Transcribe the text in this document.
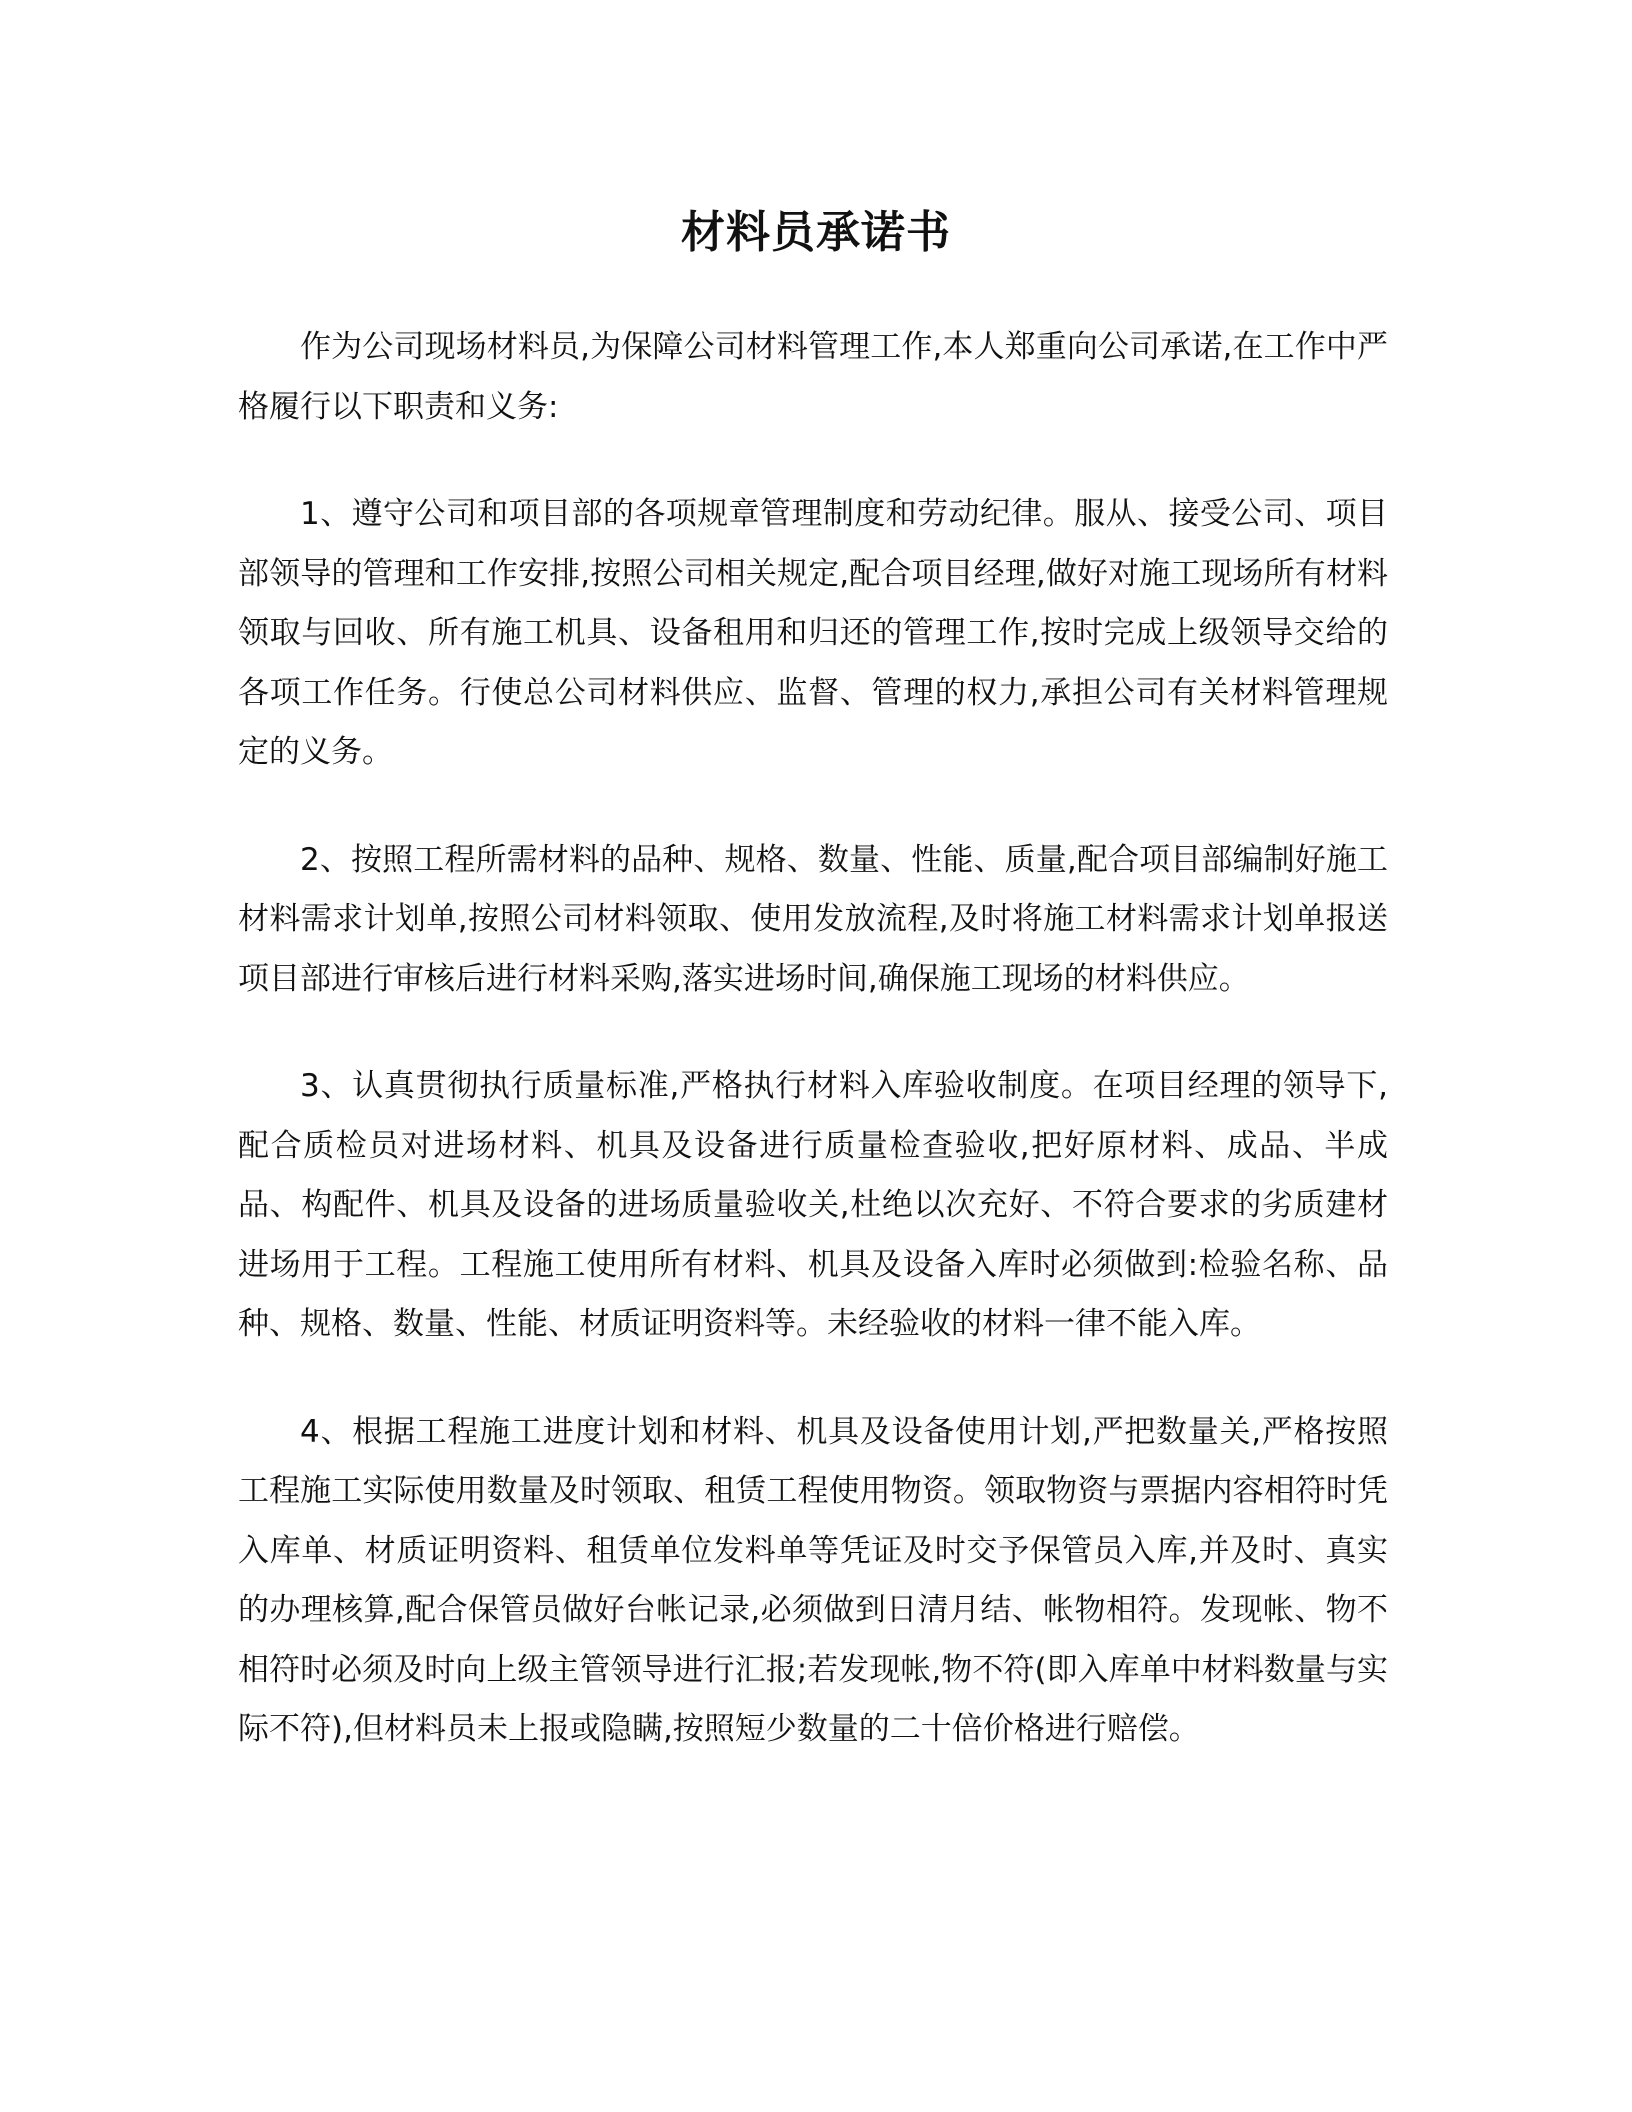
材料员承诺书

作为公司现场材料员,为保障公司材料管理工作,本人郑重向公司承诺,在工作中严格履行以下职责和义务:

1、遵守公司和项目部的各项规章管理制度和劳动纪律。服从、接受公司、项目部领导的管理和工作安排,按照公司相关规定,配合项目经理,做好对施工现场所有材料领取与回收、所有施工机具、设备租用和归还的管理工作,按时完成上级领导交给的各项工作任务。行使总公司材料供应、监督、管理的权力,承担公司有关材料管理规定的义务。

2、按照工程所需材料的品种、规格、数量、性能、质量,配合项目部编制好施工材料需求计划单,按照公司材料领取、使用发放流程,及时将施工材料需求计划单报送项目部进行审核后进行材料采购,落实进场时间,确保施工现场的材料供应。

3、认真贯彻执行质量标准,严格执行材料入库验收制度。在项目经理的领导下,配合质检员对进场材料、机具及设备进行质量检查验收,把好原材料、成品、半成品、构配件、机具及设备的进场质量验收关,杜绝以次充好、不符合要求的劣质建材进场用于工程。工程施工使用所有材料、机具及设备入库时必须做到:检验名称、品种、规格、数量、性能、材质证明资料等。未经验收的材料一律不能入库。

4、根据工程施工进度计划和材料、机具及设备使用计划,严把数量关,严格按照工程施工实际使用数量及时领取、租赁工程使用物资。领取物资与票据内容相符时凭入库单、材质证明资料、租赁单位发料单等凭证及时交予保管员入库,并及时、真实的办理核算,配合保管员做好台帐记录,必须做到日清月结、帐物相符。发现帐、物不相符时必须及时向上级主管领导进行汇报;若发现帐,物不符(即入库单中材料数量与实际不符),但材料员未上报或隐瞒,按照短少数量的二十倍价格进行赔偿。
